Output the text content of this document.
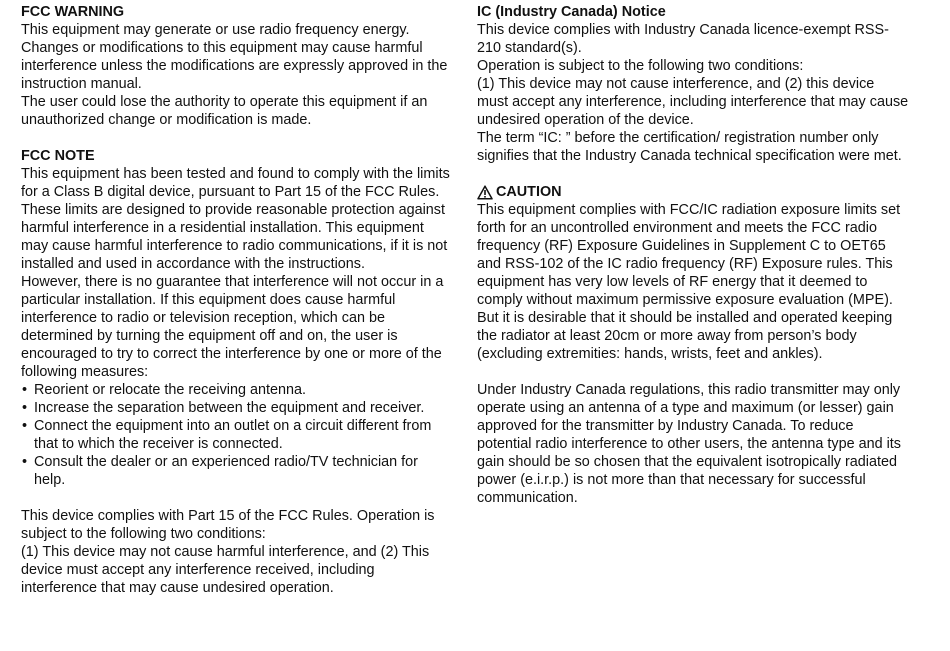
FCC WARNING

This equipment may generate or use radio frequency energy. Changes or modifications to this equipment may cause harmful interference unless the modifications are expressly approved in the instruction manual.

The user could lose the authority to operate this equipment if an unauthorized change or modification is made.

FCC NOTE

This equipment has been tested and found to comply with the limits for a Class B digital device, pursuant to Part 15 of the FCC Rules. These limits are designed to provide reasonable protection against harmful interference in a residential installation. This equipment may cause harmful interference to radio communications, if it is not installed and used in accordance with the instructions.

However, there is no guarantee that interference will not occur in a particular installation. If this equipment does cause harmful interference to radio or television reception, which can be determined by turning the equipment off and on, the user is encouraged to try to correct the interference by one or more of the following measures:

• Reorient or relocate the receiving antenna.
• Increase the separation between the equipment and receiver.
• Connect the equipment into an outlet on a circuit different from that to which the receiver is connected.
• Consult the dealer or an experienced radio/TV technician for help.

This device complies with Part 15 of the FCC Rules. Operation is subject to the following two conditions:

(1) This device may not cause harmful interference, and (2) This device must accept any interference received, including interference that may cause undesired operation.

IC (Industry Canada) Notice

This device complies with Industry Canada licence-exempt RSS-210 standard(s).

Operation is subject to the following two conditions:

(1) This device may not cause interference, and (2) this device must accept any interference, including interference that may cause undesired operation of the device.

The term “IC: ” before the certification/ registration number only signifies that the Industry Canada technical specification were met.

CAUTION

This equipment complies with FCC/IC radiation exposure limits set forth for an uncontrolled environment and meets the FCC radio frequency (RF) Exposure Guidelines in Supplement C to OET65 and RSS-102 of the IC radio frequency (RF) Exposure rules. This equipment has very low levels of RF energy that it deemed to comply without maximum permissive exposure evaluation (MPE). But it is desirable that it should be installed and operated keeping the radiator at least 20cm or more away from person’s body (excluding extremities: hands, wrists, feet and ankles).

Under Industry Canada regulations, this radio transmitter may only operate using an antenna of a type and maximum (or lesser) gain approved for the transmitter by Industry Canada. To reduce potential radio interference to other users, the antenna type and its gain should be so chosen that the equivalent isotropically radiated power (e.i.r.p.) is not more than that necessary for successful communication.
